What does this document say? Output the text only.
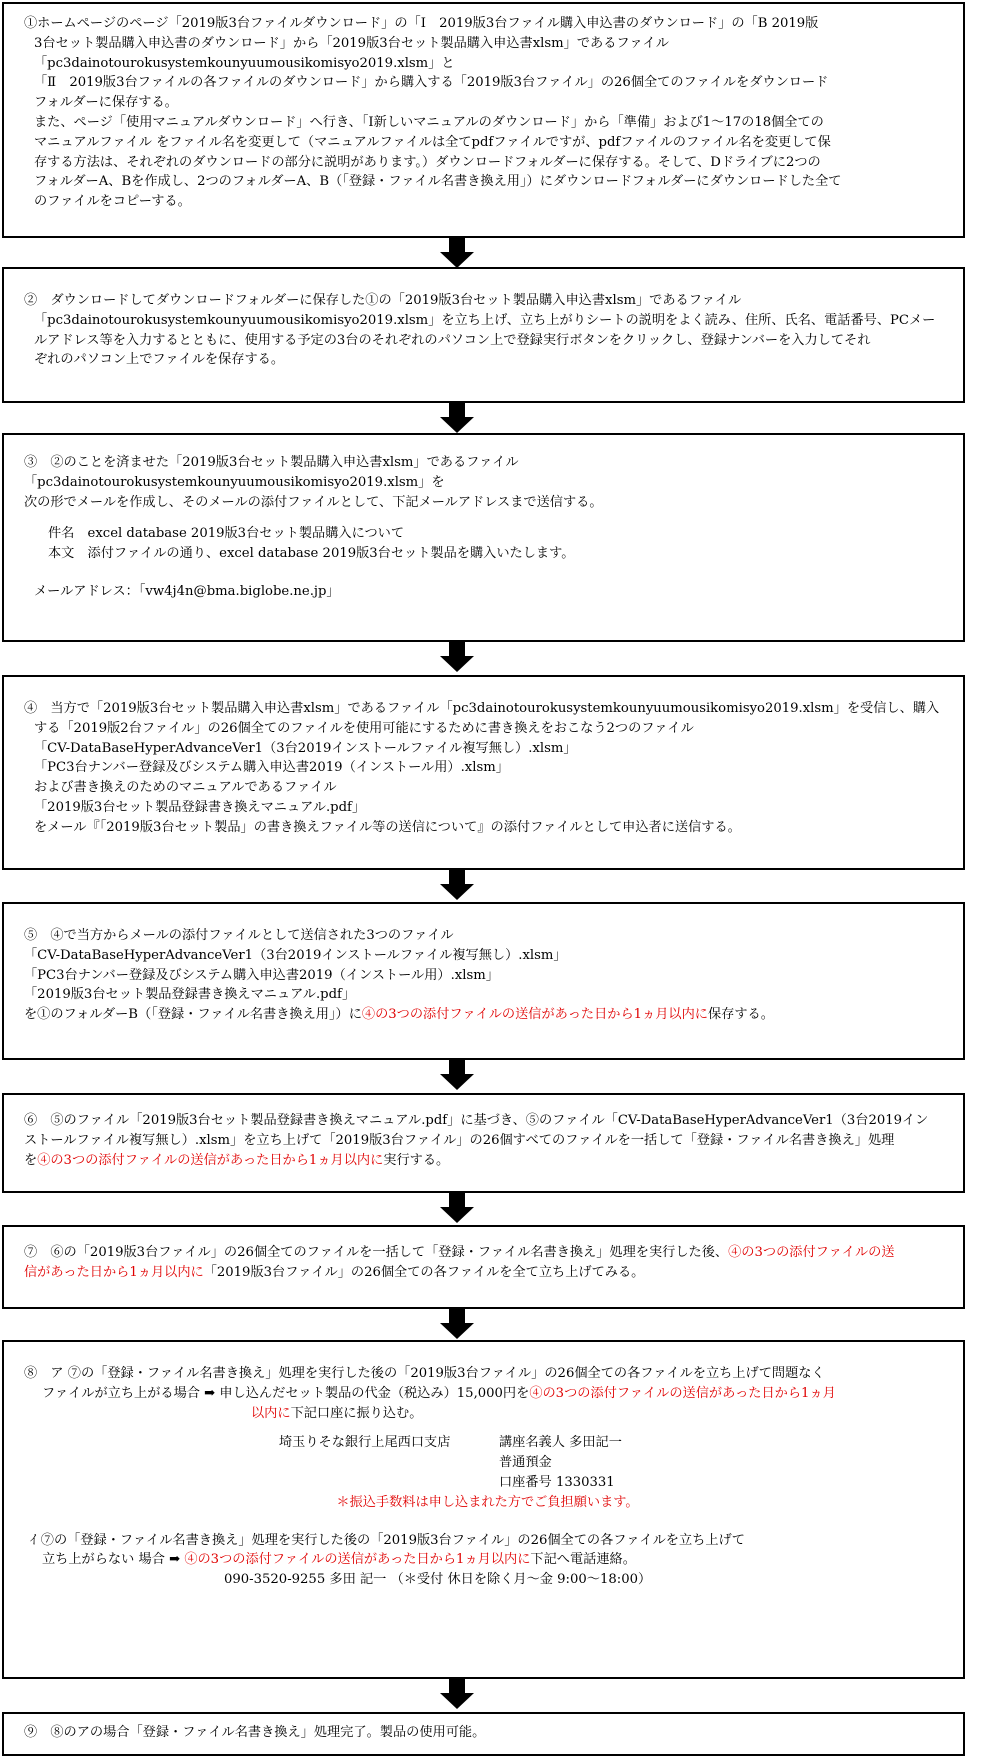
①ホームページのページ「2019版3台ファイルダウンロード」の「Ⅰ　2019版3台ファイル購入申込書のダウンロード」の「B 2019版

3台セット製品購入申込書のダウンロード」から「2019版3台セット製品購入申込書xlsm」であるファイル

「pc3dainotourokusystemkounyuumousikomisyo2019.xlsm」と

「Ⅱ　2019版3台ファイルの各ファイルのダウンロード」から購入する「2019版3台ファイル」の26個全てのファイルをダウンロード

フォルダーに保存する。

また、ページ「使用マニュアルダウンロード」へ行き、「Ⅰ新しいマニュアルのダウンロード」から「準備」および1～17の18個全ての

マニュアルファイル をファイル名を変更して（マニュアルファイルは全てpdfファイルですが、pdfファイルのファイル名を変更して保

存する方法は、それぞれのダウンロードの部分に説明があります。）ダウンロードフォルダーに保存する。そして、Dドライブに2つの

フォルダーA、Bを作成し、2つのフォルダーA、B（「登録・ファイル名書き換え用」）にダウンロードフォルダーにダウンロードした全て

のファイルをコピーする。

②　ダウンロードしてダウンロードフォルダーに保存した①の「2019版3台セット製品購入申込書xlsm」であるファイル

「pc3dainotourokusystemkounyuumousikomisyo2019.xlsm」を立ち上げ、立ち上がりシートの説明をよく読み、住所、氏名、電話番号、PCメー

ルアドレス等を入力するとともに、使用する予定の3台のそれぞれのパソコン上で登録実行ボタンをクリックし、登録ナンバーを入力してそれ

ぞれのパソコン上でファイルを保存する。

③　②のことを済ませた「2019版3台セット製品購入申込書xlsm」であるファイル

「pc3dainotourokusystemkounyuumousikomisyo2019.xlsm」を

次の形でメールを作成し、そのメールの添付ファイルとして、下記メールアドレスまで送信する。

件名　excel database 2019版3台セット製品購入について

本文　添付ファイルの通り、excel database 2019版3台セット製品を購入いたします。

メールアドレス：「vw4j4n@bma.biglobe.ne.jp」

④　当方で「2019版3台セット製品購入申込書xlsm」であるファイル「pc3dainotourokusystemkounyuumousikomisyo2019.xlsm」を受信し、購入

する「2019版2台ファイル」の26個全てのファイルを使用可能にするために書き換えをおこなう2つのファイル

「CV-DataBaseHyperAdvanceVer1（3台2019インストールファイル複写無し）.xlsm」

「PC3台ナンバー登録及びシステム購入申込書2019（インストール用）.xlsm」

および書き換えのためのマニュアルであるファイル

「2019版3台セット製品登録書き換えマニュアル.pdf」

をメール『「2019版3台セット製品」の書き換えファイル等の送信について』の添付ファイルとして申込者に送信する。

⑤　④で当方からメールの添付ファイルとして送信された3つのファイル

「CV-DataBaseHyperAdvanceVer1（3台2019インストールファイル複写無し）.xlsm」

「PC3台ナンバー登録及びシステム購入申込書2019（インストール用）.xlsm」

「2019版3台セット製品登録書き換えマニュアル.pdf」

を①のフォルダーB（「登録・ファイル名書き換え用」）に④の3つの添付ファイルの送信があった日から1ヵ月以内に保存する。

⑥　⑤のファイル「2019版3台セット製品登録書き換えマニュアル.pdf」に基づき、⑤のファイル「CV-DataBaseHyperAdvanceVer1（3台2019イン

ストールファイル複写無し）.xlsm」を立ち上げて「2019版3台ファイル」の26個すべてのファイルを一括して「登録・ファイル名書き換え」処理

を④の3つの添付ファイルの送信があった日から1ヵ月以内に実行する。

⑦　⑥の「2019版3台ファイル」の26個全てのファイルを一括して「登録・ファイル名書き換え」処理を実行した後、④の3つの添付ファイルの送

信があった日から1ヵ月以内に「2019版3台ファイル」の26個全ての各ファイルを全て立ち上げてみる。

⑧　ア ⑦の「登録・ファイル名書き換え」処理を実行した後の「2019版3台ファイル」の26個全ての各ファイルを立ち上げて問題なく

ファイルが立ち上がる場合 ➡ 申し込んだセット製品の代金（税込み）15,000円を④の3つの添付ファイルの送信があった日から1ヵ月

以内に下記口座に振り込む。

埼玉りそな銀行上尾西口支店	講座名義人 多田記一
普通預金
口座番号 1330331

＊振込手数料は申し込まれた方でご負担願います。

ｲ ⑦の「登録・ファイル名書き換え」処理を実行した後の「2019版3台ファイル」の26個全ての各ファイルを立ち上げて

立ち上がらない 場合 ➡ ④の3つの添付ファイルの送信があった日から1ヵ月以内に下記へ電話連絡。

090-3520-9255 多田 記一 （＊受付 休日を除く月～金 9:00～18:00）

⑨　⑧のアの場合「登録・ファイル名書き換え」処理完了。製品の使用可能。
